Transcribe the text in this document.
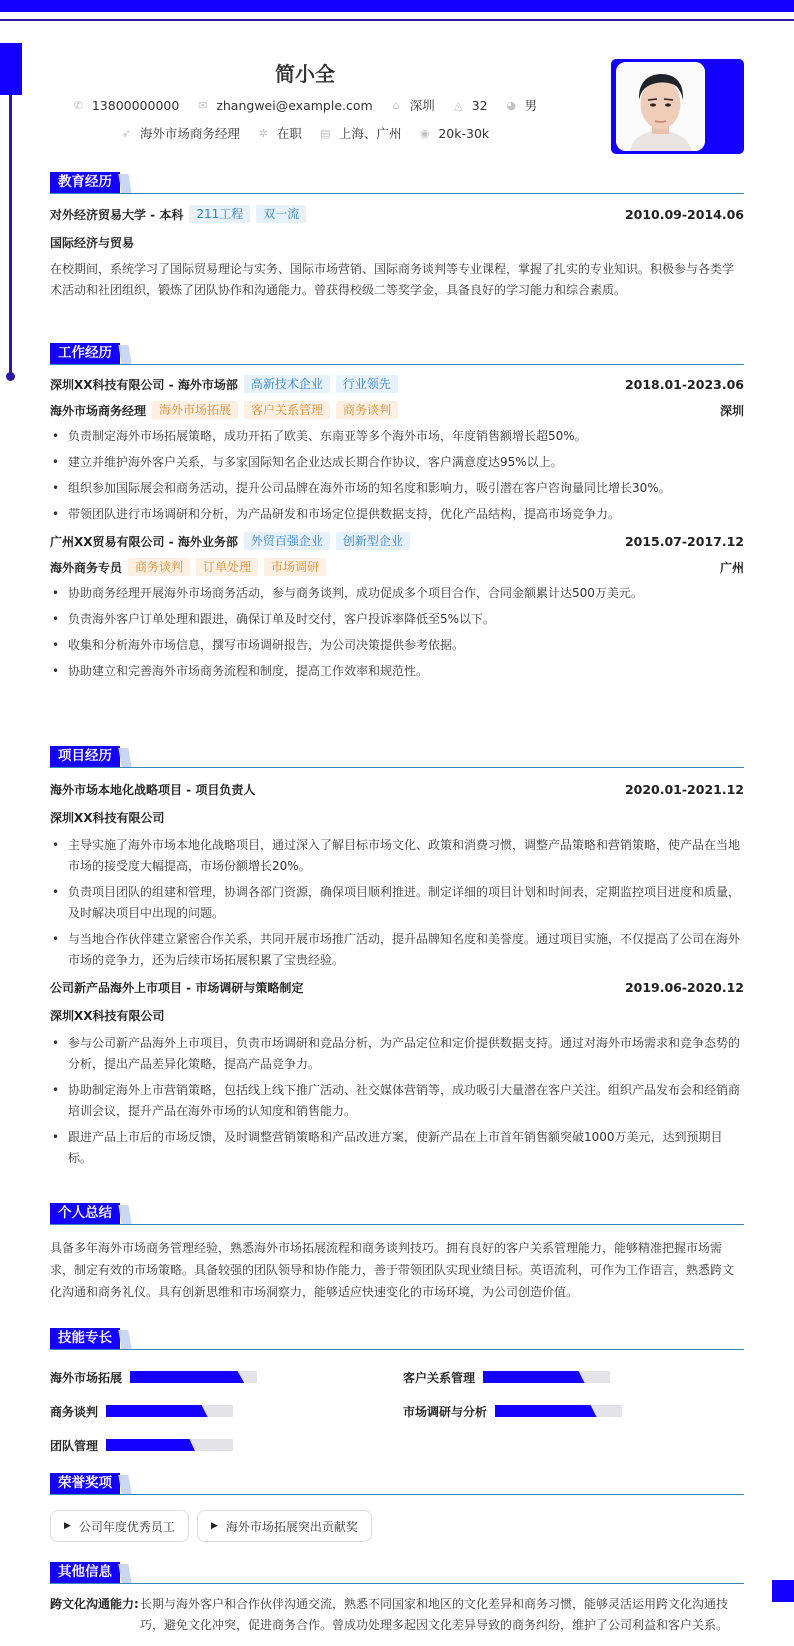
简小全
✆ 13800000000 ✉ zhangwei@example.com ⌂ 深圳 ◬ 32 ◕ 男
➶ 海外市场商务经理 ✲ 在职 ▤ 上海、广州 ◉ 20k-30k
教育经历
对外经济贸易大学 - 本科	211工程	双一流	2010.09-2014.06
国际经济与贸易
在校期间，系统学习了国际贸易理论与实务、国际市场营销、国际商务谈判等专业课程，掌握了扎实的专业知识。积极参与各类学术活动和社团组织，锻炼了团队协作和沟通能力。曾获得校级二等奖学金，具备良好的学习能力和综合素质。
工作经历
深圳XX科技有限公司 - 海外市场部	高新技术企业	行业领先	2018.01-2023.06
海外市场商务经理	海外市场拓展	客户关系管理	商务谈判	深圳
• 负责制定海外市场拓展策略，成功开拓了欧美、东南亚等多个海外市场，年度销售额增长超50%。
• 建立并维护海外客户关系，与多家国际知名企业达成长期合作协议，客户满意度达95%以上。
• 组织参加国际展会和商务活动，提升公司品牌在海外市场的知名度和影响力，吸引潜在客户咨询量同比增长30%。
• 带领团队进行市场调研和分析，为产品研发和市场定位提供数据支持，优化产品结构，提高市场竞争力。
广州XX贸易有限公司 - 海外业务部	外贸百强企业	创新型企业	2015.07-2017.12
海外商务专员	商务谈判	订单处理	市场调研	广州
• 协助商务经理开展海外市场商务活动，参与商务谈判，成功促成多个项目合作，合同金额累计达500万美元。
• 负责海外客户订单处理和跟进，确保订单及时交付，客户投诉率降低至5%以下。
• 收集和分析海外市场信息，撰写市场调研报告，为公司决策提供参考依据。
• 协助建立和完善海外市场商务流程和制度，提高工作效率和规范性。
项目经历
海外市场本地化战略项目 - 项目负责人	2020.01-2021.12
深圳XX科技有限公司
• 主导实施了海外市场本地化战略项目，通过深入了解目标市场文化、政策和消费习惯，调整产品策略和营销策略，使产品在当地市场的接受度大幅提高，市场份额增长20%。
• 负责项目团队的组建和管理，协调各部门资源，确保项目顺利推进。制定详细的项目计划和时间表，定期监控项目进度和质量，及时解决项目中出现的问题。
• 与当地合作伙伴建立紧密合作关系，共同开展市场推广活动，提升品牌知名度和美誉度。通过项目实施，不仅提高了公司在海外市场的竞争力，还为后续市场拓展积累了宝贵经验。
公司新产品海外上市项目 - 市场调研与策略制定	2019.06-2020.12
深圳XX科技有限公司
• 参与公司新产品海外上市项目，负责市场调研和竞品分析，为产品定位和定价提供数据支持。通过对海外市场需求和竞争态势的分析，提出产品差异化策略，提高产品竞争力。
• 协助制定海外上市营销策略，包括线上线下推广活动、社交媒体营销等，成功吸引大量潜在客户关注。组织产品发布会和经销商培训会议，提升产品在海外市场的认知度和销售能力。
• 跟进产品上市后的市场反馈，及时调整营销策略和产品改进方案，使新产品在上市首年销售额突破1000万美元，达到预期目标。
个人总结
具备多年海外市场商务管理经验，熟悉海外市场拓展流程和商务谈判技巧。拥有良好的客户关系管理能力，能够精准把握市场需求，制定有效的市场策略。具备较强的团队领导和协作能力，善于带领团队实现业绩目标。英语流利，可作为工作语言，熟悉跨文化沟通和商务礼仪。具有创新思维和市场洞察力，能够适应快速变化的市场环境，为公司创造价值。
技能专长
海外市场拓展	客户关系管理
商务谈判	市场调研与分析
团队管理
荣誉奖项
▶ 公司年度优秀员工	▶ 海外市场拓展突出贡献奖
其他信息
跨文化沟通能力: 长期与海外客户和合作伙伴沟通交流，熟悉不同国家和地区的文化差异和商务习惯，能够灵活运用跨文化沟通技巧，避免文化冲突，促进商务合作。曾成功处理多起因文化差异导致的商务纠纷，维护了公司利益和客户关系。
